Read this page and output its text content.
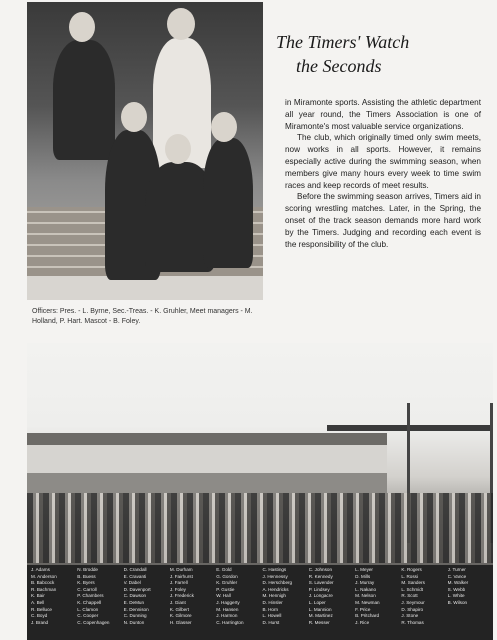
Officers: Pres. - L. Byrne, Sec.-Treas. - K. Gruhler, Meet managers - M. Holland, P. Hart. Mascot - B. Foley.
The Timers' Watch
the Seconds

in Miramonte sports. Assisting the athletic department all year round, the Timers Association is one of Miramonte's most valuable service organizations.

The club, which originally timed only swim meets, now works in all sports. However, it remains especially active during the swimming season, when members give many hours every week to time swim races and keep records of meet results.

Before the swimming season arrives, Timers aid in scoring wrestling matches. Later, in the Spring, the onset of the track season demands more hard work by the Timers. Judging and recording each event is the responsibility of the club.

J. Adams
M. Anderson
B. Babcock
R. Bachman
K. Bair
A. Bell
R. Belluce
C. Boyd
J. Brand
N. Brodde
B. Buess
K. Byers
C. Carroll
P. Chambers
K. Chappell
L. Clamon
C. Cooper
C. Copenhagen
D. Crandall
E. Cravanti
V. Dabel
D. Davenport
C. Dawson
E. DeMun
E. Dennison
C. Dunning
N. Dunton
M. Durham
J. Fairhurst
J. Farrell
J. Foley
J. Frederick
J. Giant
K. Gilbert
K. Gilmore
H. Glasser
E. Gold
G. Gordon
K. Gruhler
P. Gustie
W. Hall
J. Haggerty
M. Hansen
J. Harmon
C. Harrington
C. Hastings
J. Hennessy
D. Herschberg
A. Hendricks
M. Hennigh
D. Hinsler
B. Horn
L. Howell
D. Hurst
C. Johnson
R. Kennedy
S. Lavender
P. Lindsey
J. Longacre
L. Loper
L. Mannion
M. Martinez
R. Messer
L. Meyer
D. Mills
J. Murray
L. Nakano
M. Nelson
M. Newman
F. Price
B. Pritchard
J. Rice
K. Rogers
L. Rossi
M. Sanders
L. Schmidt
R. Scott
J. Seymour
D. Shapiro
J. Stone
R. Thomas
J. Turner
C. Vance
M. Walker
S. Webb
L. White
B. Wilson
